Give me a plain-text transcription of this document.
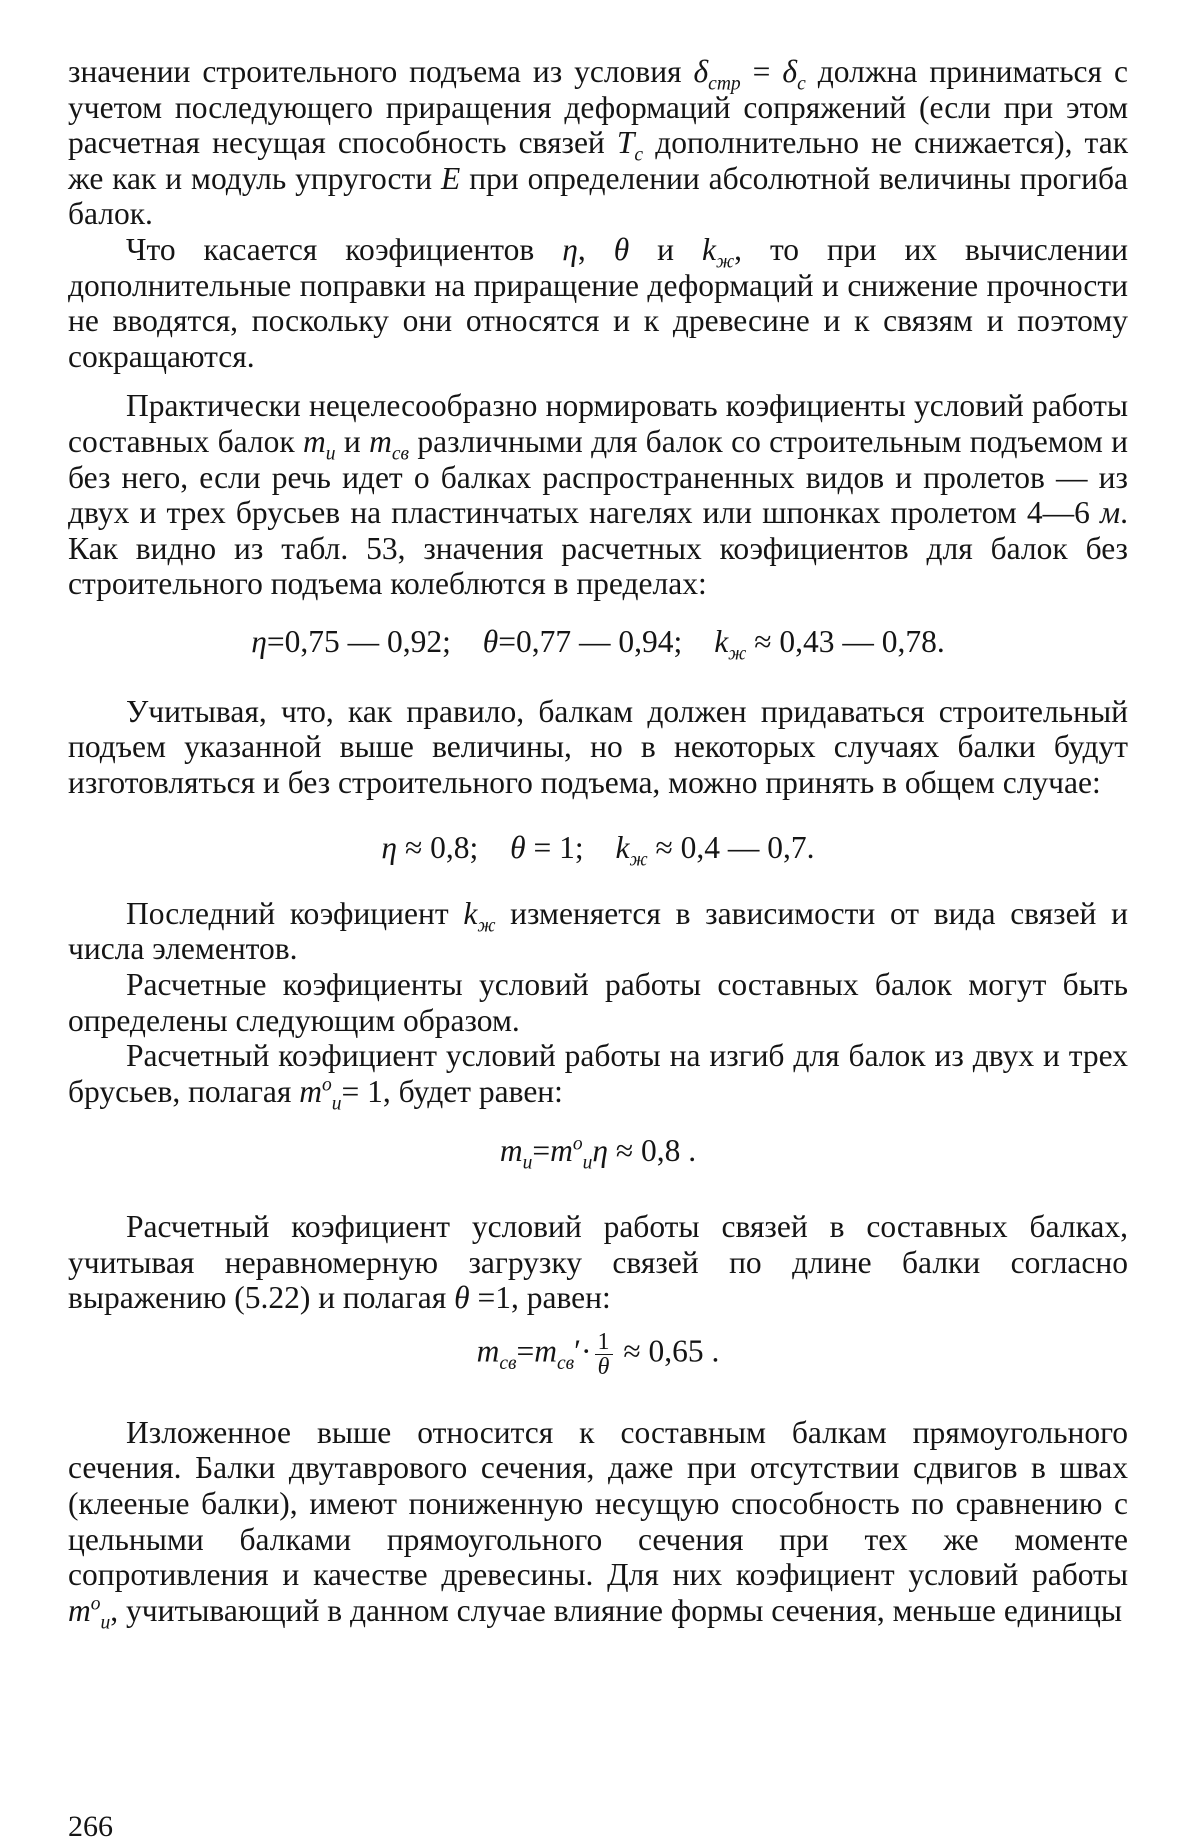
значении строительного подъема из условия $\delta_{стр} = \delta_с$ должна приниматься с учетом последующего приращения деформаций сопряжений (если при этом расчетная несущая способность связей $Т_с$ дополнительно не снижается), так же как и модуль упругости Е при определении абсолютной величины прогиба балок.

Что касается коэфициентов η, θ и $k_ж$, то при их вычислении дополнительные поправки на приращение деформаций и снижение прочности не вводятся, поскольку они относятся и к древесине и к связям и поэтому сокращаются.

Практически нецелесообразно нормировать коэфициенты условий работы составных балок $m_и$ и $m_{св}$ различными для балок со строительным подъемом и без него, если речь идет о балках распространенных видов и пролетов — из двух и трех брусьев на пластинчатых нагелях или шпонках пролетом 4—6 м. Как видно из табл. 53, значения расчетных коэфициентов для балок без строительного подъема колеблются в пределах:

η=0,75 — 0,92; θ=0,77 — 0,94; $k_ж \approx 0,43$ — 0,78.

Учитывая, что, как правило, балкам должен придаваться строительный подъем указанной выше величины, но в некоторых случаях балки будут изготовляться и без строительного подъема, можно принять в общем случае:

η ≈ 0,8; θ = 1; $k_ж \approx 0,4$ — 0,7.

Последний коэфициент $k_ж$ изменяется в зависимости от вида связей и числа элементов.

Расчетные коэфициенты условий работы составных балок могут быть определены следующим образом.

Расчетный коэфициент условий работы на изгиб для балок из двух и трех брусьев, полагая $m^о_и= 1$, будет равен:

$m_и=m^о_и\eta \approx 0,8$ .

Расчетный коэфициент условий работы связей в составных балках, учитывая неравномерную загрузку связей по длине балки согласно выражению (5.22) и полагая θ =1, равен:

$m_{св}=m_{св}'\cdot \frac{1}{\theta} \approx 0,65$ .

Изложенное выше относится к составным балкам прямоугольного сечения. Балки двутаврового сечения, даже при отсутствии сдвигов в швах (клееные балки), имеют пониженную несущую способность по сравнению с цельными балками прямоугольного сечения при тех же моменте сопротивления и качестве древесины. Для них коэфициент условий работы $m^о_и$, учитывающий в данном случае влияние формы сечения, меньше единицы

266
